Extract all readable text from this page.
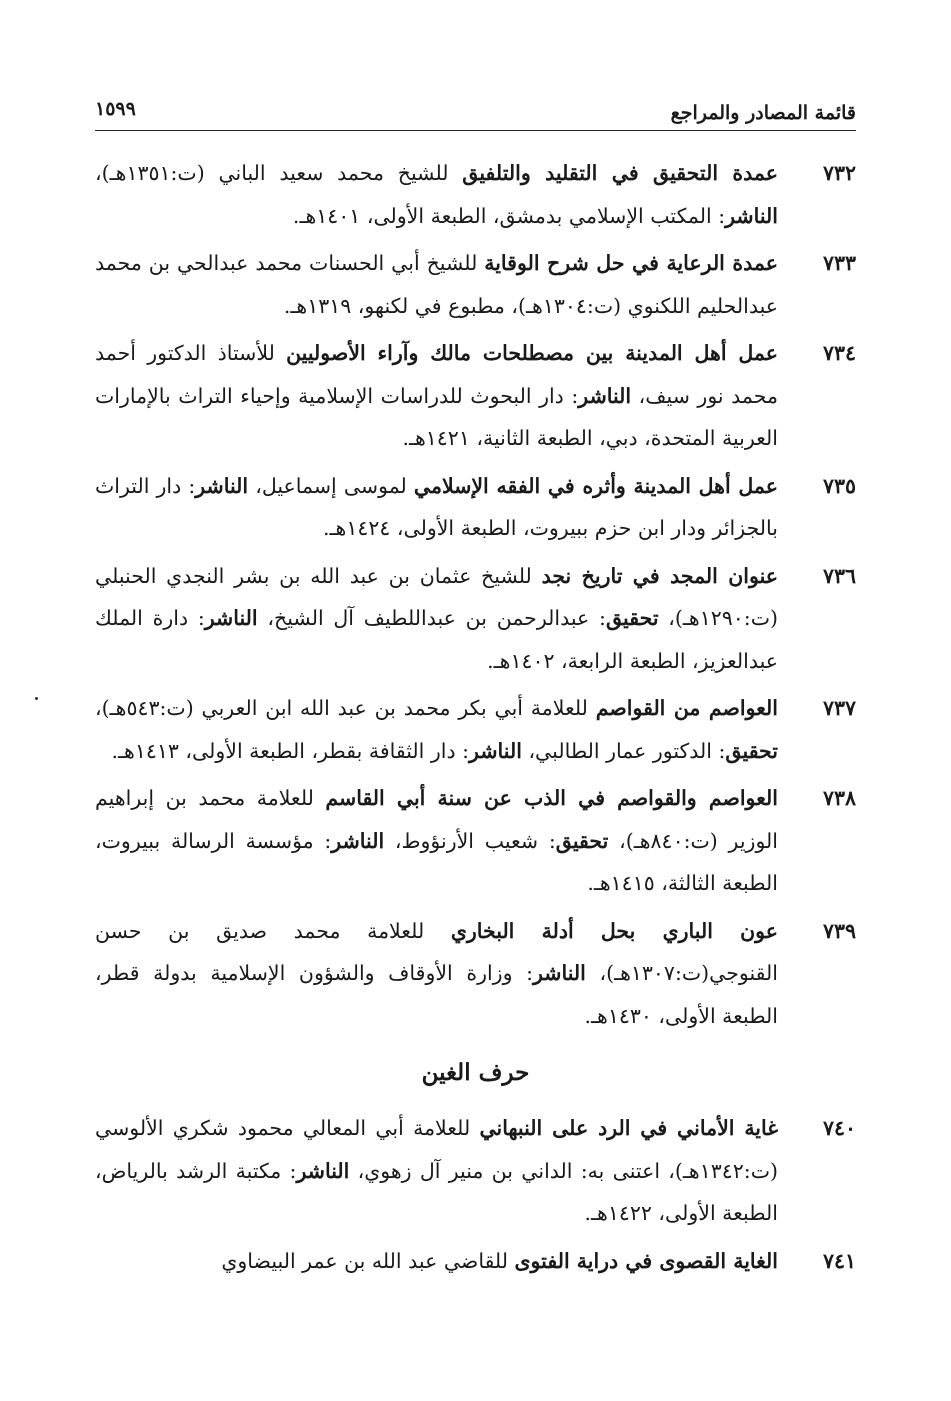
قائمة المصادر والمراجع
١٥٩٩
٧٣٢
عمدة التحقيق في التقليد والتلفيق للشيخ محمد سعيد الباني (ت:١٣٥١هـ)، الناشر: المكتب الإسلامي بدمشق، الطبعة الأولى، ١٤٠١هـ.
٧٣٣
عمدة الرعاية في حل شرح الوقاية للشيخ أبي الحسنات محمد عبدالحي بن محمد عبدالحليم اللكنوي (ت:١٣٠٤هـ)، مطبوع في لكنهو، ١٣١٩هـ.
٧٣٤
عمل أهل المدينة بين مصطلحات مالك وآراء الأصوليين للأستاذ الدكتور أحمد محمد نور سيف، الناشر: دار البحوث للدراسات الإسلامية وإحياء التراث بالإمارات العربية المتحدة، دبي، الطبعة الثانية، ١٤٢١هـ.
٧٣٥
عمل أهل المدينة وأثره في الفقه الإسلامي لموسى إسماعيل، الناشر: دار التراث بالجزائر ودار ابن حزم ببيروت، الطبعة الأولى، ١٤٢٤هـ.
٧٣٦
عنوان المجد في تاريخ نجد للشيخ عثمان بن عبد الله بن بشر النجدي الحنبلي (ت:١٢٩٠هـ)، تحقيق: عبدالرحمن بن عبداللطيف آل الشيخ، الناشر: دارة الملك عبدالعزيز، الطبعة الرابعة، ١٤٠٢هـ.
٧٣٧
العواصم من القواصم للعلامة أبي بكر محمد بن عبد الله ابن العربي (ت:٥٤٣هـ)، تحقيق: الدكتور عمار الطالبي، الناشر: دار الثقافة بقطر، الطبعة الأولى، ١٤١٣هـ.
٧٣٨
العواصم والقواصم في الذب عن سنة أبي القاسم للعلامة محمد بن إبراهيم الوزير (ت:٨٤٠هـ)، تحقيق: شعيب الأرنؤوط، الناشر: مؤسسة الرسالة ببيروت، الطبعة الثالثة، ١٤١٥هـ.
٧٣٩
عون الباري بحل أدلة البخاري للعلامة محمد صديق بن حسن القنوجي(ت:١٣٠٧هـ)، الناشر: وزارة الأوقاف والشؤون الإسلامية بدولة قطر، الطبعة الأولى، ١٤٣٠هـ.
حرف الغين
٧٤٠
غاية الأماني في الرد على النبهاني للعلامة أبي المعالي محمود شكري الألوسي (ت:١٣٤٢هـ)، اعتنى به: الداني بن منير آل زهوي، الناشر: مكتبة الرشد بالرياض، الطبعة الأولى، ١٤٢٢هـ.
٧٤١
الغاية القصوى في دراية الفتوى للقاضي عبد الله بن عمر البيضاوي
